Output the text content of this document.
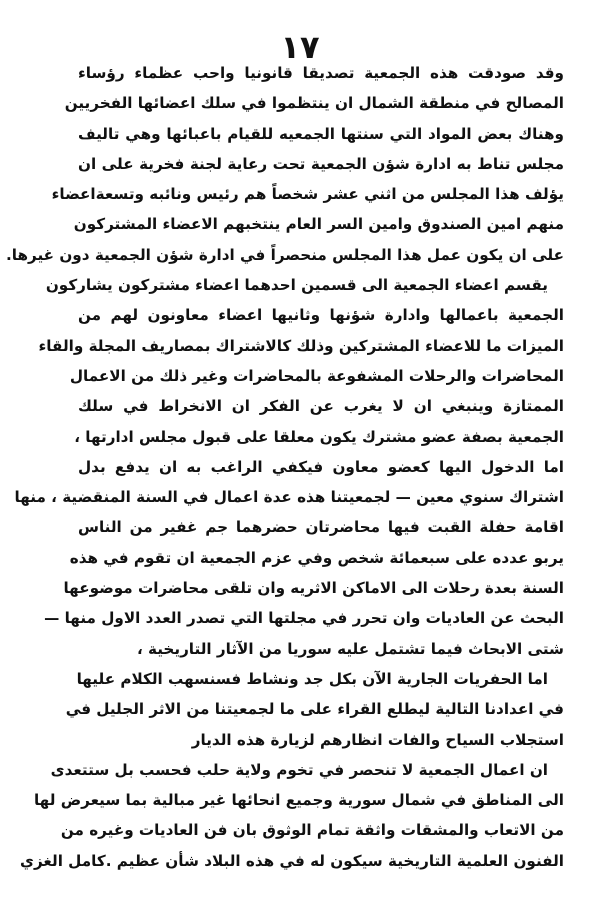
١٧
وقد صودقت هذه الجمعية تصديقا قانونيا واحب عظماء رؤساء
المصالح في منطقة الشمال ان ينتظموا في سلك اعضائها الفخريين
وهناك بعض المواد التي سنتها الجمعيه للقيام باعبائها وهي تاليف
مجلس تناط به ادارة شؤن الجمعية تحت رعاية لجنة فخرية على ان
يؤلف هذا المجلس من اثني عشر شخصاً هم رئيس ونائبه وتسعةاعضاء
منهم امين الصندوق وامين السر العام ينتخبهم الاعضاء المشتركون
على ان يكون عمل هذا المجلس منحصراً في ادارة شؤن الجمعية دون غيرها.
يقسم اعضاء الجمعية الى قسمين احدهما اعضاء مشتركون يشاركون
الجمعية باعمالها وادارة شؤنها وثانيها اعضاء معاونون لهم من
الميزات ما للاعضاء المشتركين وذلك كالاشتراك بمصاريف المجلة والقاء
المحاضرات والرحلات المشفوعة بالمحاضرات وغير ذلك من الاعمال
الممتازة وينبغي ان لا يغرب عن الفكر ان الانخراط في سلك
الجمعية بصفة عضو مشترك يكون معلقا على قبول مجلس ادارتها ،
اما الدخول اليها كعضو معاون فيكفي الراغب به ان يدفع بدل
اشتراك سنوي معين — لجمعيتنا هذه عدة اعمال في السنة المنقضية ، منها
اقامة حفلة القبت فيها محاضرتان حضرهما جم غفير من الناس
يربو عدده على سبعمائة شخص وفي عزم الجمعية ان تقوم في هذه
السنة بعدة رحلات الى الاماكن الاثريه وان تلقى محاضرات موضوعها
البحث عن العاديات وان تحرر في مجلتها التي تصدر العدد الاول منها —
شتى الابحاث فيما تشتمل عليه سوريا من الآثار التاريخية ،
اما الحفريات الجارية الآن بكل جد ونشاط فسنسهب الكلام عليها
في اعدادنا التالية ليطلع القراء على ما لجمعيتنا من الاثر الجليل في
استجلاب السياح والفات انظارهم لزيارة هذه الديار
ان اعمال الجمعية لا تنحصر في تخوم ولاية حلب فحسب بل ستتعدى
الى المناطق في شمال سورية وجميع انحائها غير مبالية بما سيعرض لها
من الاتعاب والمشقات واثقة تمام الوثوق بان فن العاديات وغيره من
الفنون العلمية التاريخية سيكون له في هذه البلاد شأن عظيم .
كامل الغزي
